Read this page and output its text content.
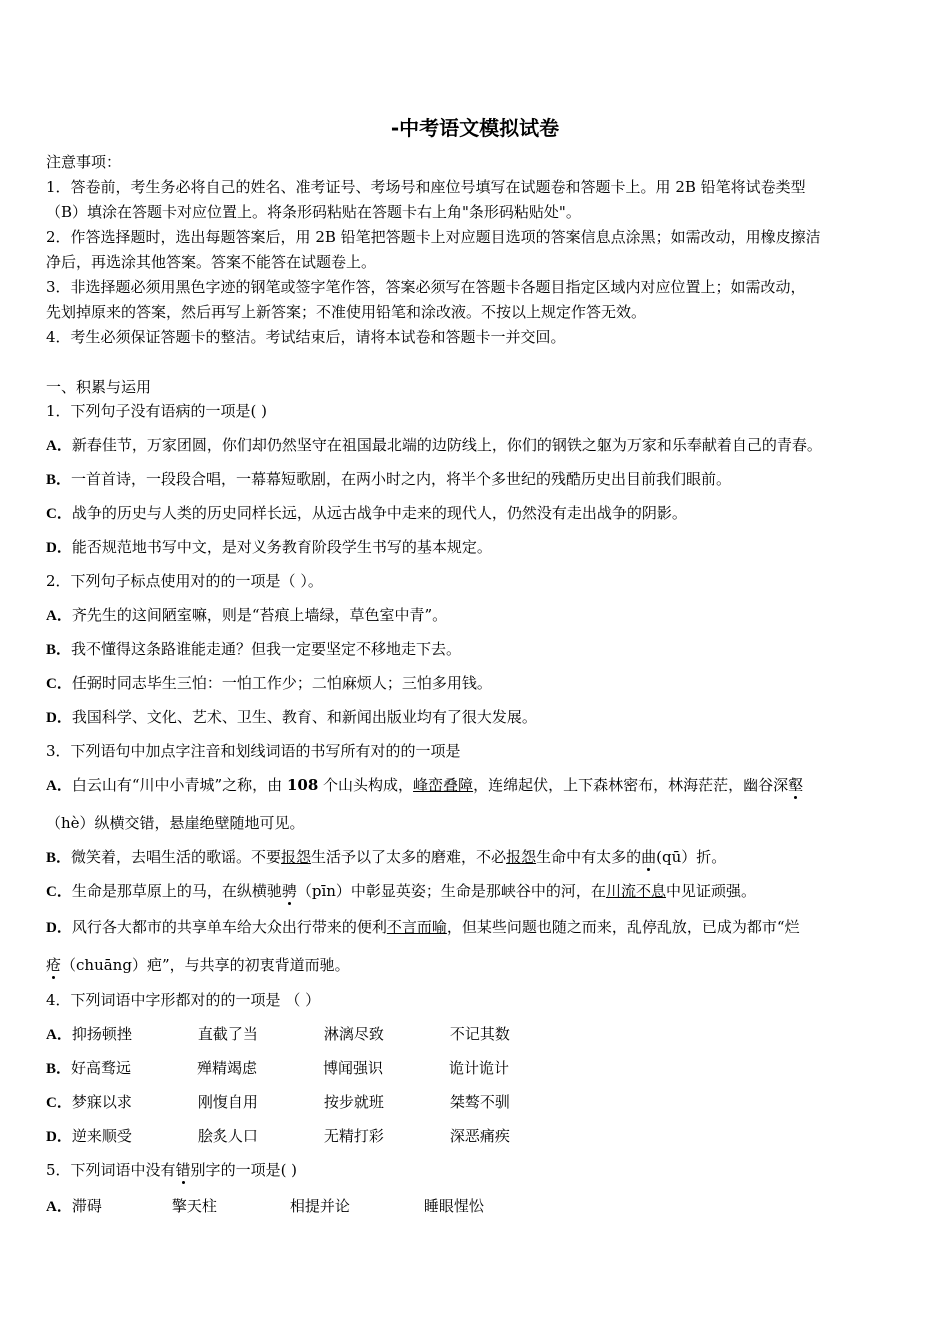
-中考语文模拟试卷
注意事项：
1．答卷前，考生务必将自己的姓名、准考证号、考场号和座位号填写在试题卷和答题卡上。用 2B 铅笔将试卷类型
（B）填涂在答题卡对应位置上。将条形码粘贴在答题卡右上角"条形码粘贴处"。
2．作答选择题时，选出每题答案后，用 2B 铅笔把答题卡上对应题目选项的答案信息点涂黑；如需改动，用橡皮擦洁
净后，再选涂其他答案。答案不能答在试题卷上。
3．非选择题必须用黑色字迹的钢笔或签字笔作答，答案必须写在答题卡各题目指定区域内对应位置上；如需改动，
先划掉原来的答案，然后再写上新答案；不准使用铅笔和涂改液。不按以上规定作答无效。
4．考生必须保证答题卡的整洁。考试结束后，请将本试卷和答题卡一并交回。
一、积累与运用
1．下列句子没有语病的一项是( )
A．新春佳节，万家团圆，你们却仍然坚守在祖国最北端的边防线上，你们的钢铁之躯为万家和乐奉献着自己的青春。
B．一首首诗，一段段合唱，一幕幕短歌剧，在两小时之内，将半个多世纪的残酷历史出目前我们眼前。
C．战争的历史与人类的历史同样长远，从远古战争中走来的现代人，仍然没有走出战争的阴影。
D．能否规范地书写中文，是对义务教育阶段学生书写的基本规定。
2．下列句子标点使用对的的一项是（ ）。
A．齐先生的这间陋室嘛，则是“苔痕上墙绿，草色室中青”。
B．我不懂得这条路谁能走通？但我一定要坚定不移地走下去。
C．任弼时同志毕生三怕：一怕工作少；二怕麻烦人；三怕多用钱。
D．我国科学、文化、艺术、卫生、教育、和新闻出版业均有了很大发展。
3．下列语句中加点字注音和划线词语的书写所有对的的一项是
A．白云山有“川中小青城”之称，由 108 个山头构成，峰峦叠障，连绵起伏，上下森林密布，林海茫茫，幽谷深壑
（hè）纵横交错，悬崖绝壁随地可见。
B．微笑着，去唱生活的歌谣。不要报怨生活予以了太多的磨难，不必报怨生命中有太多的曲(qū）折。
C．生命是那草原上的马，在纵横驰骋（pīn）中彰显英姿；生命是那峡谷中的河，在川流不息中见证顽强。
D．风行各大都市的共享单车给大众出行带来的便利不言而喻，但某些问题也随之而来，乱停乱放，已成为都市“烂
疮（chuāng）疤”，与共享的初衷背道而驰。
4．下列词语中字形都对的的一项是 （ ）
A．抑扬顿挫	直截了当	淋漓尽致	不记其数
B．好高骛远	殚精竭虑	博闻强识	诡计诡计
C．梦寐以求	刚愎自用	按步就班	桀骜不驯
D．逆来顺受	脍炙人口	无精打彩	深恶痛疾
5．下列词语中没有错别字的一项是( )
A．滞碍	擎天柱	相提并论	睡眼惺忪
